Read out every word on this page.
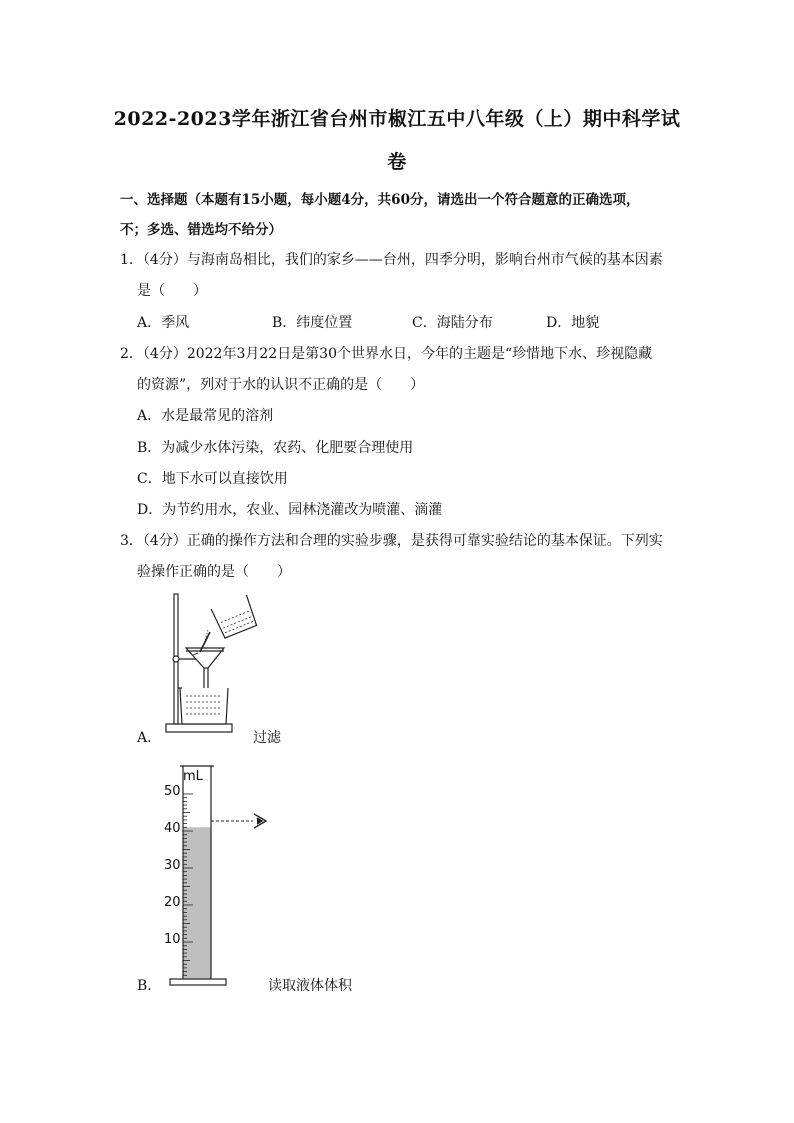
2022-2023学年浙江省台州市椒江五中八年级（上）期中科学试
卷
一、选择题（本题有15小题，每小题4分，共60分，请选出一个符合题意的正确选项，
不；多选、错选均不给分）
1．（4分）与海南岛相比，我们的家乡——台州，四季分明，影响台州市气候的基本因素
是（　　）
A．季风	B．纬度位置	C．海陆分布	D．地貌
2．（4分）2022年3月22日是第30个世界水日，今年的主题是“珍惜地下水、珍视隐藏
的资源”，列对于水的认识不正确的是（　　）
A．水是最常见的溶剂
B．为减少水体污染，农药、化肥要合理使用
C．地下水可以直接饮用
D．为节约用水，农业、园林浇灌改为喷灌、滴灌
3．（4分）正确的操作方法和合理的实验步骤，是获得可靠实验结论的基本保证。下列实
验操作正确的是（　　）
A．	过滤
mL
50
40
30
20
10
B．	读取液体体积
